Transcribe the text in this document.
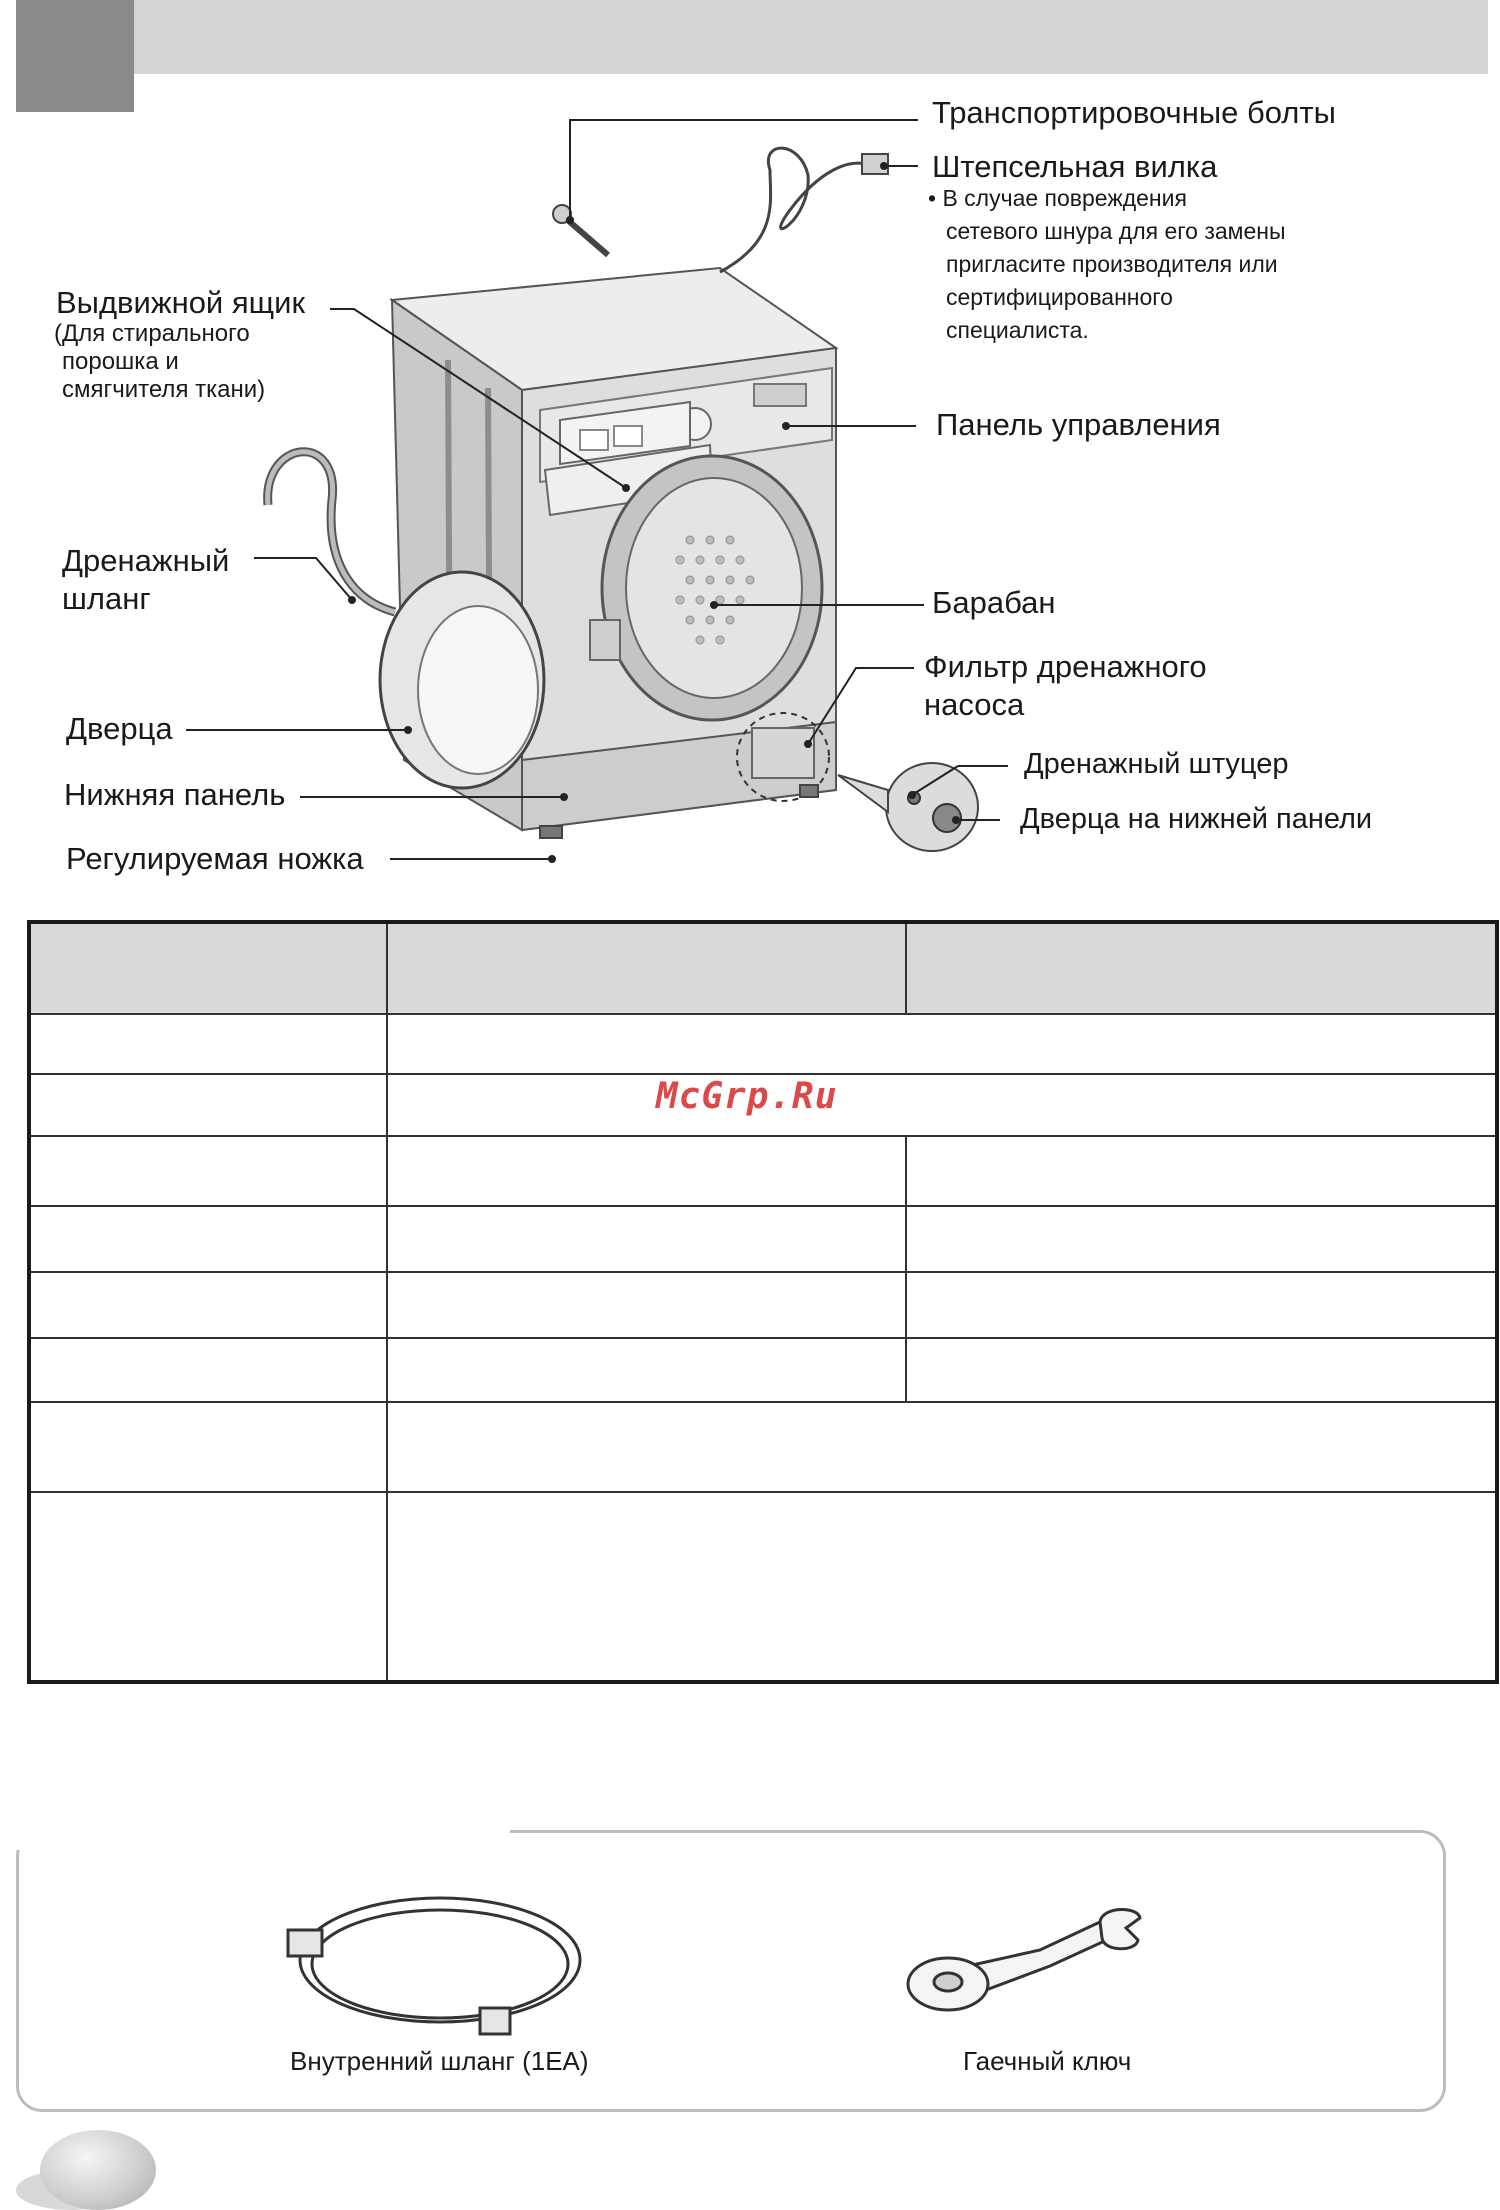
Транспортировочные болты
Штепсельная вилка
• В случае повреждения
сетевого шнура для его замены
пригласите производителя или
сертифицированного
специалиста.
Выдвижной ящик
(Для стирального
порошка и
смягчителя ткани)
Панель управления
Дренажный
шланг	Барабан
Фильтр дренажного
насоса
Дренажный штуцер
Дверца на нижней панели
Дверца
Нижняя панель
Регулируемая ножка

McGrp.Ru
Внутренний шланг (1EA)	Гаечный ключ
